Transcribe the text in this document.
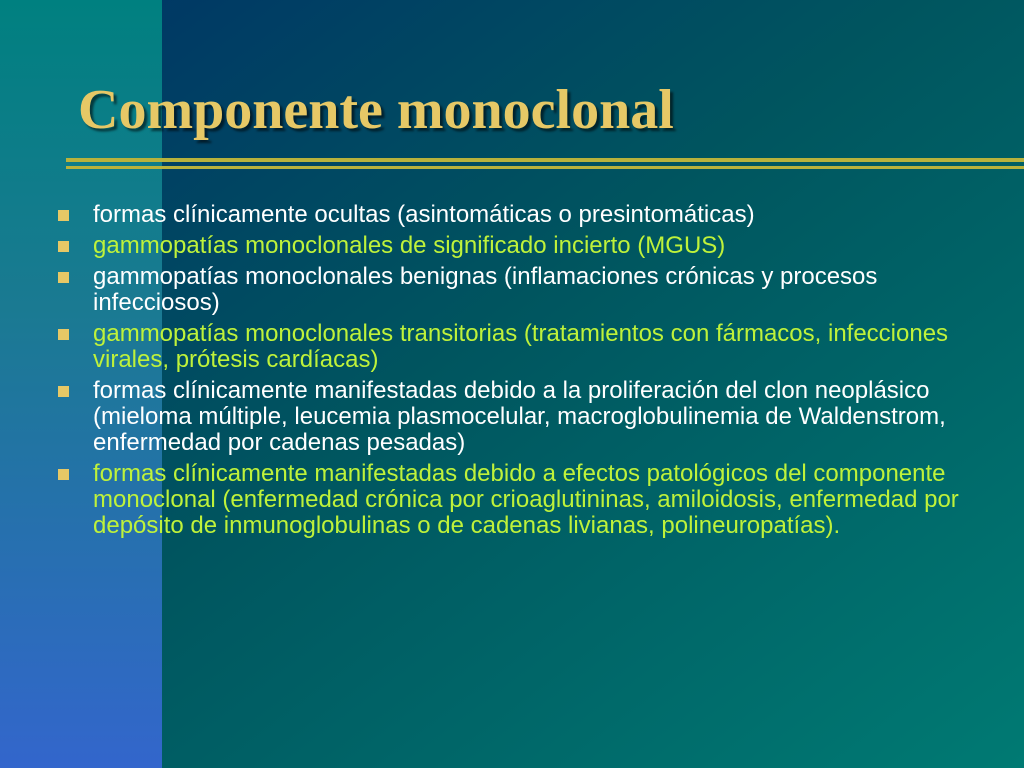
Componente monoclonal
formas clínicamente ocultas (asintomáticas o presintomáticas)
gammopatías monoclonales de significado incierto (MGUS)
gammopatías monoclonales benignas (inflamaciones crónicas y procesos infecciosos)
gammopatías monoclonales transitorias (tratamientos con fármacos, infecciones virales, prótesis cardíacas)
formas clínicamente manifestadas debido a la proliferación del clon neoplásico (mieloma múltiple, leucemia plasmocelular, macroglobulinemia de Waldenstrom, enfermedad por cadenas pesadas)
formas clínicamente manifestadas debido a efectos patológicos del componente monoclonal (enfermedad crónica por crioaglutininas, amiloidosis, enfermedad por depósito de inmunoglobulinas o de cadenas livianas, polineuropatías).
